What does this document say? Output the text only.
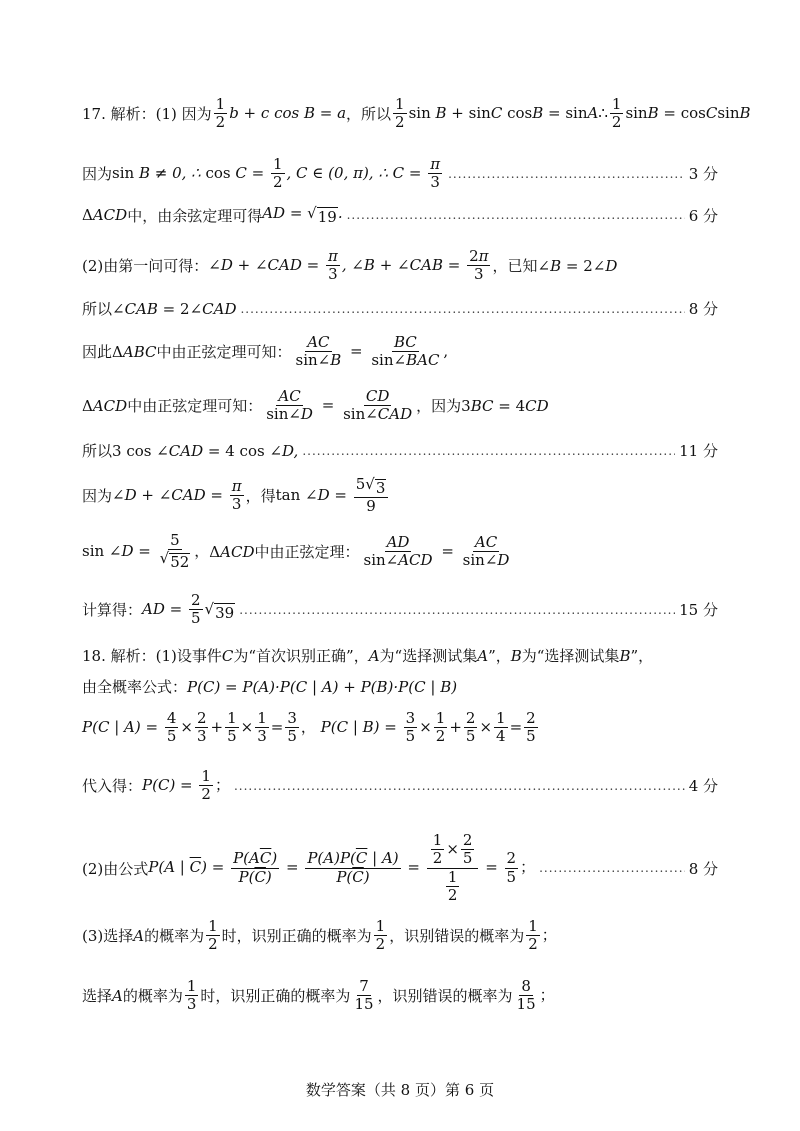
17. 解析：(1) 因为 $\frac{1}{2}$ b + c cos B = a ，所以 $\frac{1}{2}$ sin B + sinC cosB = sinA∴ $\frac{1}{2}$ sinB = cosCsinB
因为 sin B ≠ 0, ∴ $\cos C = \frac{1}{2}$ , C ∈ (0, π), ∴ $C = \frac{\pi}{3}$ .....	3 分
ΔACD 中，由余弦定理可得 AD = √ 19 . .....	6 分
(2)由第一问可得： ∠D + ∠CAD = $\frac{\pi}{3}$ , ∠B + ∠CAB = $\frac{2\pi}{3}$ ，已知 ∠B = 2∠D
所以 ∠CAB = 2∠CAD .....	8 分
因此 ΔABC 中由正弦定理可知： $\frac{AC}{\sin\angle B} = \frac{BC}{\text{sin∠BAC}}$ ,
ΔACD 中由正弦定理可知： $\frac{AC}{\sin\angle D} = \frac{CD}{\text{sin∠CAD}}$ ，因为 3BC = 4CD
所以 3 cos ∠CAD = 4 cos ∠D, .....	11 分
因为 ∠D + ∠CAD = $\frac{\pi}{3}$ ，得 tan ∠D = $\frac{5 √ 3}{9}$
sin ∠D = $\frac{5}{√ 52}$ ， ΔACD 中由正弦定理： $\frac{AD}{\text{sin∠ACD}} = \frac{AC}{\sin\angle D}$
计算得： AD = $\frac{2}{5}$ √ 39 .....	15 分
18. 解析：(1)设事件 C 为“首次识别正确”， A 为“选择测试集 A ”， B 为“选择测试集 B ”，
由全概率公式： P(C) = P(A)·P(C | A) + P(B)·P(C | B)
P(C | $A) = \frac{4}{5} \times \frac{2}{3} + \frac{1}{5} \times \frac{1}{3} = \frac{3}{5}$ ， P(C | $B) = \frac{3}{5} \times \frac{1}{2} + \frac{2}{5} \times \frac{1}{4} = \frac{2}{5}$
代入得： $P(C) = \frac{1}{2}$ ； .....	4 分
(2)由公式 P(A | $\overline{C}) = \frac{P(A\overline{C})}{P(\overline{C})} = \frac{P(A)P(\overline{C} | A)}{P(\overline{C})} = \frac{\frac{1}{2} \times \frac{2}{5}}{\frac{1}{2}} = \frac{2}{5}$ ； .....	8 分
(3)选择 A 的概率为 $\frac{1}{2}$ 时，识别正确的概率为 $\frac{1}{2}$ ，识别错误的概率为 $\frac{1}{2}$ ；
选择 A 的概率为 $\frac{1}{3}$ 时，识别正确的概率为 $\frac{7}{15}$ ，识别错误的概率为 $\frac{8}{15}$ ；
数学答案（共 8 页）第 6 页
